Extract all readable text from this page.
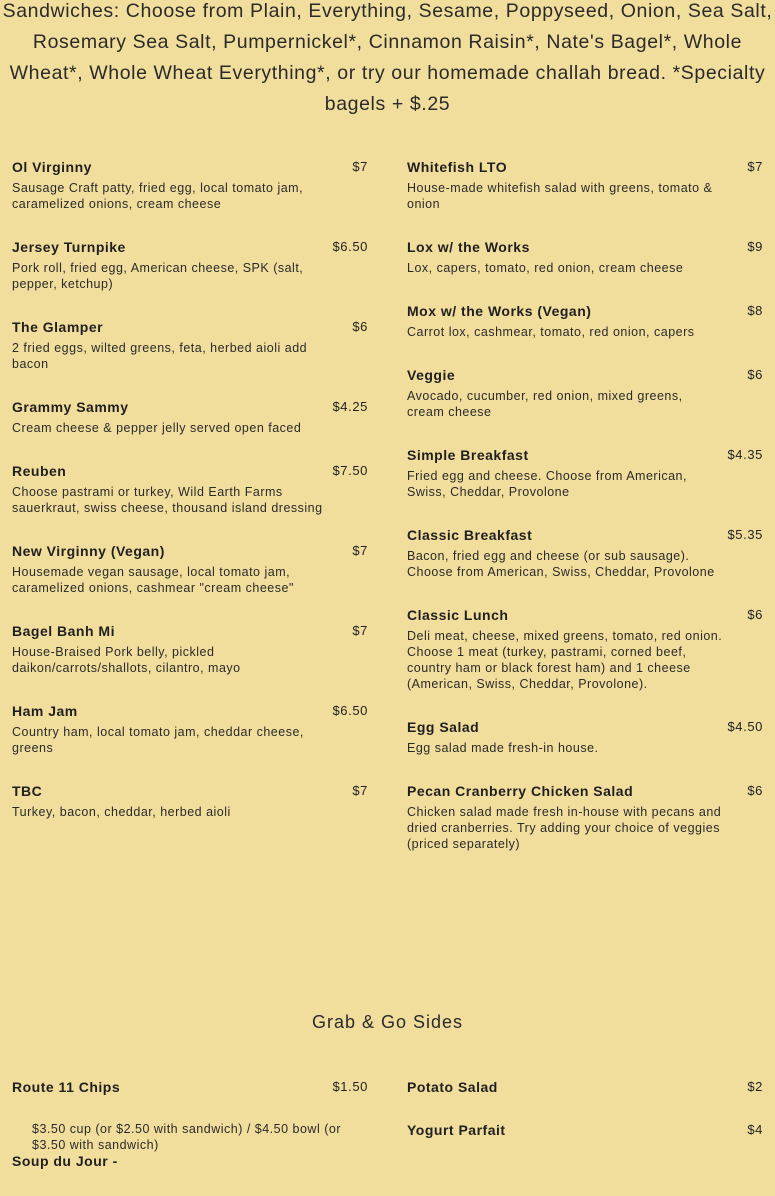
Sandwiches: Choose from Plain, Everything, Sesame, Poppyseed, Onion, Sea Salt, Rosemary Sea Salt, Pumpernickel*, Cinnamon Raisin*, Nate's Bagel*, Whole Wheat*, Whole Wheat Everything*, or try our homemade challah bread. *Specialty bagels + $.25
Ol Virginny	$7
Sausage Craft patty, fried egg, local tomato jam, caramelized onions, cream cheese
Jersey Turnpike	$6.50
Pork roll, fried egg, American cheese, SPK (salt, pepper, ketchup)
The Glamper	$6
2 fried eggs, wilted greens, feta, herbed aioli add bacon
Grammy Sammy	$4.25
Cream cheese & pepper jelly served open faced
Reuben	$7.50
Choose pastrami or turkey, Wild Earth Farms sauerkraut, swiss cheese, thousand island dressing
New Virginny (Vegan)	$7
Housemade vegan sausage, local tomato jam, caramelized onions, cashmear "cream cheese"
Bagel Banh Mi	$7
House-Braised Pork belly, pickled daikon/carrots/shallots, cilantro, mayo
Ham Jam	$6.50
Country ham, local tomato jam, cheddar cheese, greens
TBC	$7
Turkey, bacon, cheddar, herbed aioli
Whitefish LTO	$7
House-made whitefish salad with greens, tomato & onion
Lox w/ the Works	$9
Lox, capers, tomato, red onion, cream cheese
Mox w/ the Works (Vegan)	$8
Carrot lox, cashmear, tomato, red onion, capers
Veggie	$6
Avocado, cucumber, red onion, mixed greens, cream cheese
Simple Breakfast	$4.35
Fried egg and cheese. Choose from American, Swiss, Cheddar, Provolone
Classic Breakfast	$5.35
Bacon, fried egg and cheese (or sub sausage). Choose from American, Swiss, Cheddar, Provolone
Classic Lunch	$6
Deli meat, cheese, mixed greens, tomato, red onion. Choose 1 meat (turkey, pastrami, corned beef, country ham or black forest ham) and 1 cheese (American, Swiss, Cheddar, Provolone).
Egg Salad	$4.50
Egg salad made fresh-in house.
Pecan Cranberry Chicken Salad	$6
Chicken salad made fresh in-house with pecans and dried cranberries. Try adding your choice of veggies (priced separately)
Grab & Go Sides
Route 11 Chips	$1.50
$3.50 cup (or $2.50 with sandwich) / $4.50 bowl (or $3.50 with sandwich)
Soup du Jour -
Potato Salad	$2
Yogurt Parfait	$4
